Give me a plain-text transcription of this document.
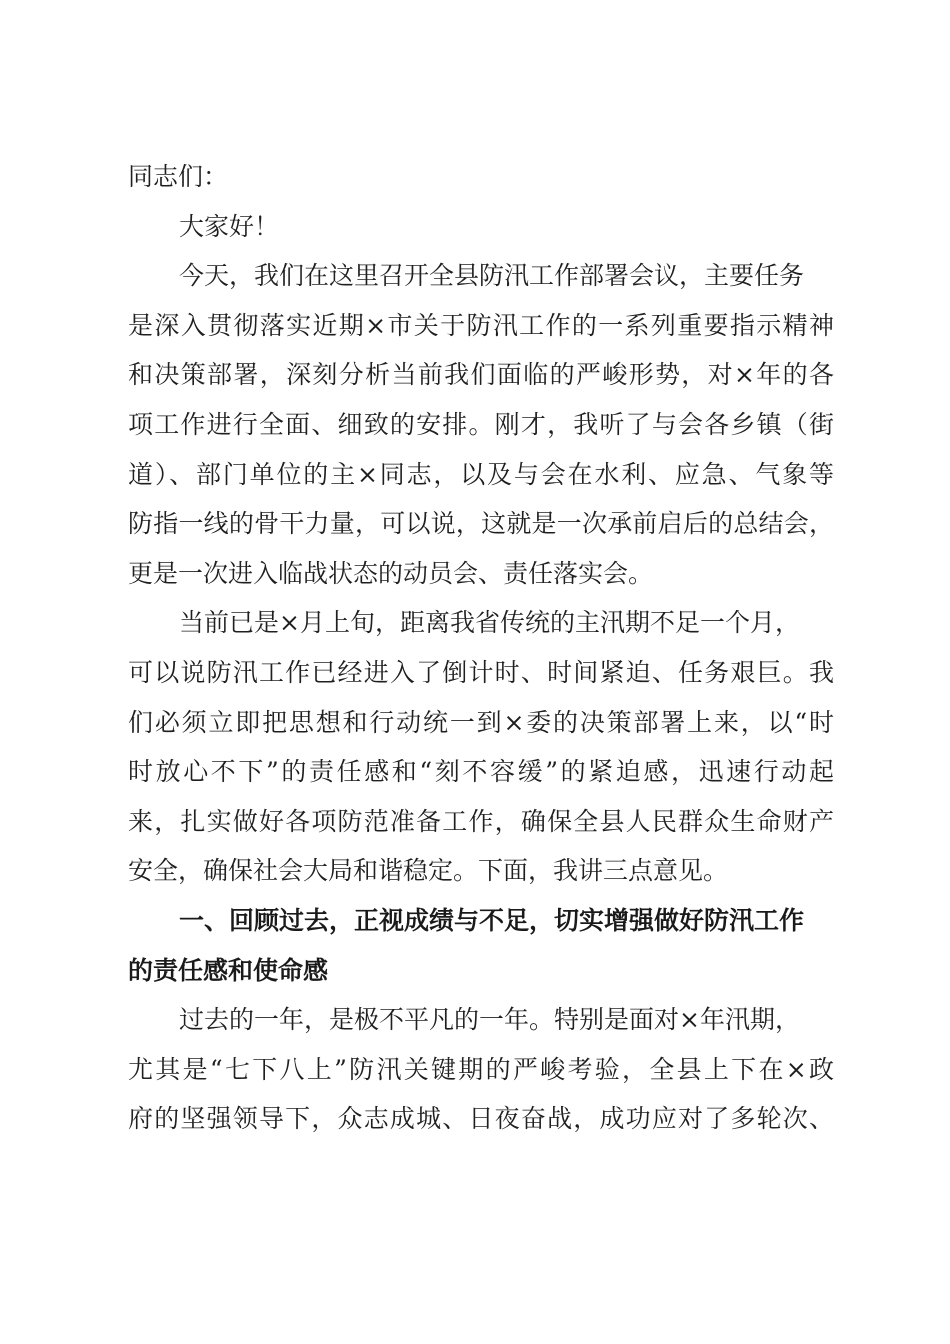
同志们：
大家好！
今天，我们在这里召开全县防汛工作部署会议，主要任务
是深入贯彻落实近期×市关于防汛工作的一系列重要指示精神
和决策部署，深刻分析当前我们面临的严峻形势，对×年的各
项工作进行全面、细致的安排。刚才，我听了与会各乡镇（街
道）、部门单位的主×同志，以及与会在水利、应急、气象等
防指一线的骨干力量，可以说，这就是一次承前启后的总结会，
更是一次进入临战状态的动员会、责任落实会。
当前已是×月上旬，距离我省传统的主汛期不足一个月，
可以说防汛工作已经进入了倒计时、时间紧迫、任务艰巨。我
们必须立即把思想和行动统一到×委的决策部署上来，以“时
时放心不下”的责任感和“刻不容缓”的紧迫感，迅速行动起
来，扎实做好各项防范准备工作，确保全县人民群众生命财产
安全，确保社会大局和谐稳定。下面，我讲三点意见。
一、回顾过去，正视成绩与不足，切实增强做好防汛工作
的责任感和使命感
过去的一年，是极不平凡的一年。特别是面对×年汛期，
尤其是“七下八上”防汛关键期的严峻考验，全县上下在×政
府的坚强领导下，众志成城、日夜奋战，成功应对了多轮次、
